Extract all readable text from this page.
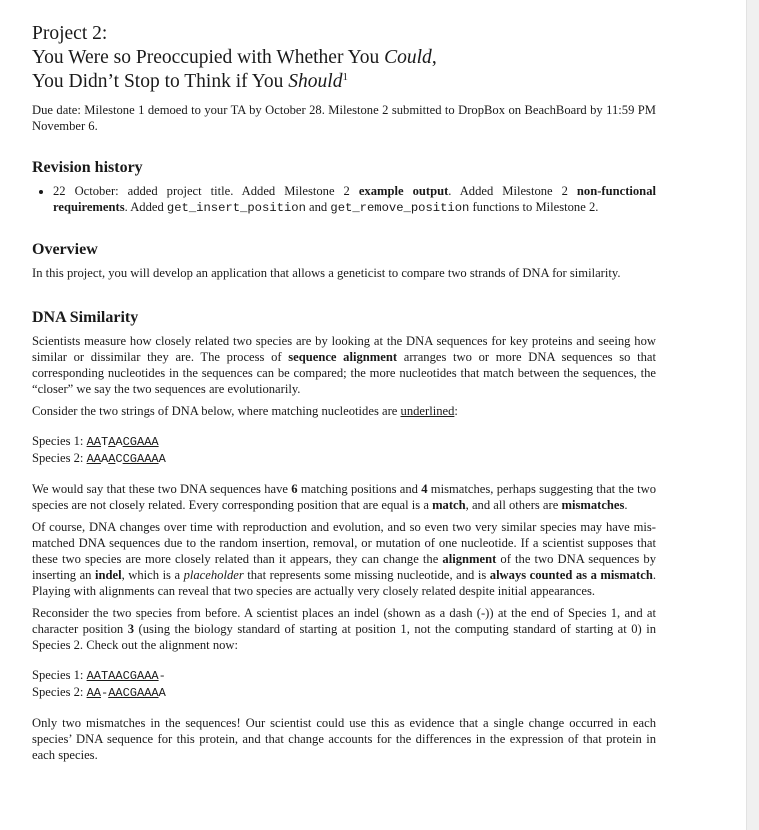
Project 2:
You Were so Preoccupied with Whether You Could,
You Didn’t Stop to Think if You Should$^1$

Due date: Milestone 1 demoed to your TA by October 28. Milestone 2 submitted to DropBox on BeachBoard by 11:59 PM November 6.

Revision history
• 22 October: added project title. Added Milestone 2 example output. Added Milestone 2 non-functional requirements. Added get_insert_position and get_remove_position functions to Milestone 2.
Overview

In this project, you will develop an application that allows a geneticist to compare two strands of DNA for similarity.

DNA Similarity

Scientists measure how closely related two species are by looking at the DNA sequences for key proteins and seeing how similar or dissimilar they are. The process of sequence alignment arranges two or more DNA sequences so that corresponding nucleotides in the sequences can be compared; the more nucleotides that match between the sequences, the “closer” we say the two sequences are evolutionarily.

Consider the two strings of DNA below, where matching nucleotides are underlined:

Species 1: AATAACGAAA
Species 2: AAAACCGAAAA

We would say that these two DNA sequences have 6 matching positions and 4 mismatches, perhaps suggesting that the two species are not closely related. Every corresponding position that are equal is a match, and all others are mismatches.

Of course, DNA changes over time with reproduction and evolution, and so even two very similar species may have mis-matched DNA sequences due to the random insertion, removal, or mutation of one nucleotide. If a scientist supposes that these two species are more closely related than it appears, they can change the alignment of the two DNA sequences by inserting an indel, which is a placeholder that represents some missing nucleotide, and is always counted as a mismatch. Playing with alignments can reveal that two species are actually very closely related despite initial appearances.

Reconsider the two species from before. A scientist places an indel (shown as a dash (-)) at the end of Species 1, and at character position 3 (using the biology standard of starting at position 1, not the computing standard of starting at 0) in Species 2. Check out the alignment now:

Species 1: AATAACGAAA-
Species 2: AA-AACGAAAA

Only two mismatches in the sequences! Our scientist could use this as evidence that a single change occurred in each species’ DNA sequence for this protein, and that change accounts for the differences in the expression of that protein in each species.
